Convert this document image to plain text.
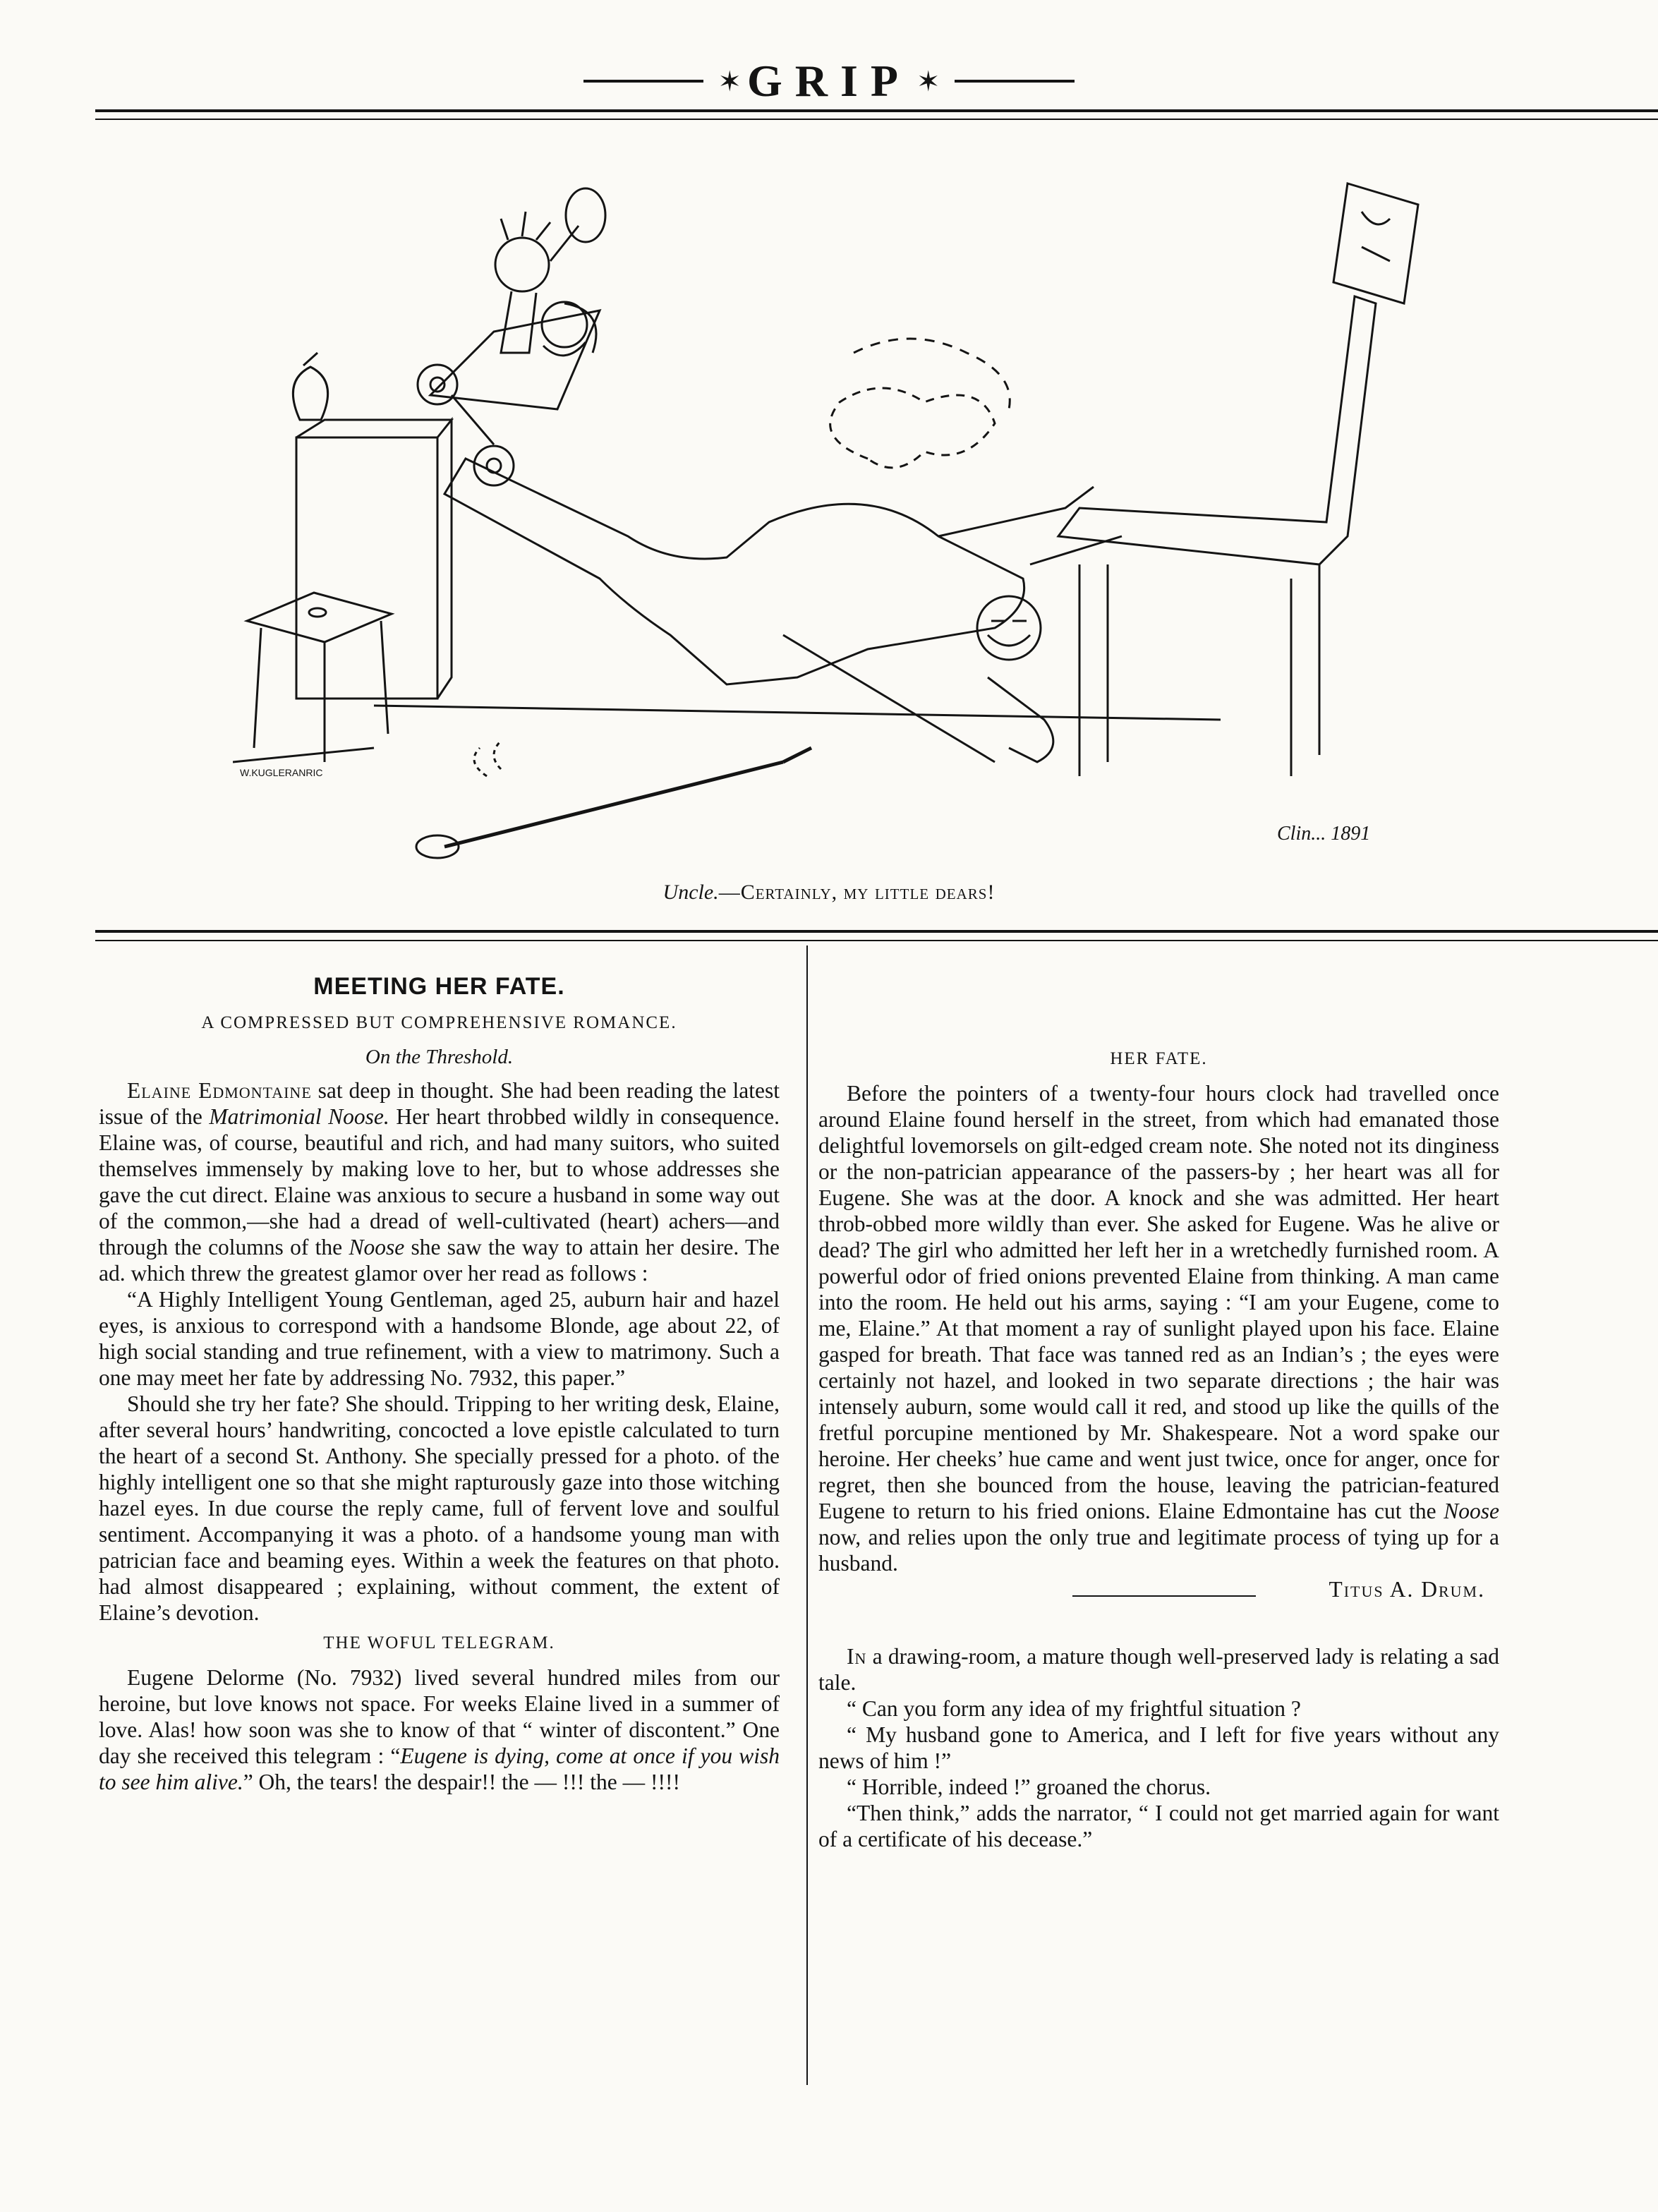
✶ GRIP ✶
W.KUGLERANRIC
Clin... 1891
Uncle.—Certainly, my little dears!
MEETING HER FATE.
A COMPRESSED BUT COMPREHENSIVE ROMANCE.
On the Threshold.

Elaine Edmontaine sat deep in thought. She had been reading the latest issue of the Matrimonial Noose. Her heart throbbed wildly in consequence. Elaine was, of course, beautiful and rich, and had many suitors, who suited themselves immensely by making love to her, but to whose addresses she gave the cut direct. Elaine was anxious to secure a husband in some way out of the common,—she had a dread of well-cultivated (heart) achers—and through the columns of the Noose she saw the way to attain her desire. The ad. which threw the greatest glamor over her read as follows :

“A Highly Intelligent Young Gentleman, aged 25, auburn hair and hazel eyes, is anxious to correspond with a handsome Blonde, age about 22, of high social standing and true refinement, with a view to matrimony. Such a one may meet her fate by addressing No. 7932, this paper.”

Should she try her fate? She should. Tripping to her writing desk, Elaine, after several hours’ handwriting, concocted a love epistle calculated to turn the heart of a second St. Anthony. She specially pressed for a photo. of the highly intelligent one so that she might rapturously gaze into those witching hazel eyes. In due course the reply came, full of fervent love and soulful sentiment. Accompanying it was a photo. of a handsome young man with patrician face and beaming eyes. Within a week the features on that photo. had almost disappeared ; explaining, without comment, the extent of Elaine’s devotion.

THE WOFUL TELEGRAM.

Eugene Delorme (No. 7932) lived several hundred miles from our heroine, but love knows not space. For weeks Elaine lived in a summer of love. Alas! how soon was she to know of that “ winter of discontent.” One day she received this telegram : “Eugene is dying, come at once if you wish to see him alive.” Oh, the tears! the despair!! the — !!! the — !!!!

HER FATE.

Before the pointers of a twenty-four hours clock had travelled once around Elaine found herself in the street, from which had emanated those delightful lovemorsels on gilt-edged cream note. She noted not its dinginess or the non-patrician appearance of the passers-by ; her heart was all for Eugene. She was at the door. A knock and she was admitted. Her heart throb-obbed more wildly than ever. She asked for Eugene. Was he alive or dead? The girl who admitted her left her in a wretchedly furnished room. A powerful odor of fried onions prevented Elaine from thinking. A man came into the room. He held out his arms, saying : “I am your Eugene, come to me, Elaine.” At that moment a ray of sunlight played upon his face. Elaine gasped for breath. That face was tanned red as an Indian’s ; the eyes were certainly not hazel, and looked in two separate directions ; the hair was intensely auburn, some would call it red, and stood up like the quills of the fretful porcupine mentioned by Mr. Shakespeare. Not a word spake our heroine. Her cheeks’ hue came and went just twice, once for anger, once for regret, then she bounced from the house, leaving the patrician-featured Eugene to return to his fried onions. Elaine Edmontaine has cut the Noose now, and relies upon the only true and legitimate process of tying up for a husband.

Titus A. Drum.

In a drawing-room, a mature though well-preserved lady is relating a sad tale.

“ Can you form any idea of my frightful situation ?

“ My husband gone to America, and I left for five years without any news of him !”

“ Horrible, indeed !” groaned the chorus.

“Then think,” adds the narrator, “ I could not get married again for want of a certificate of his decease.”
